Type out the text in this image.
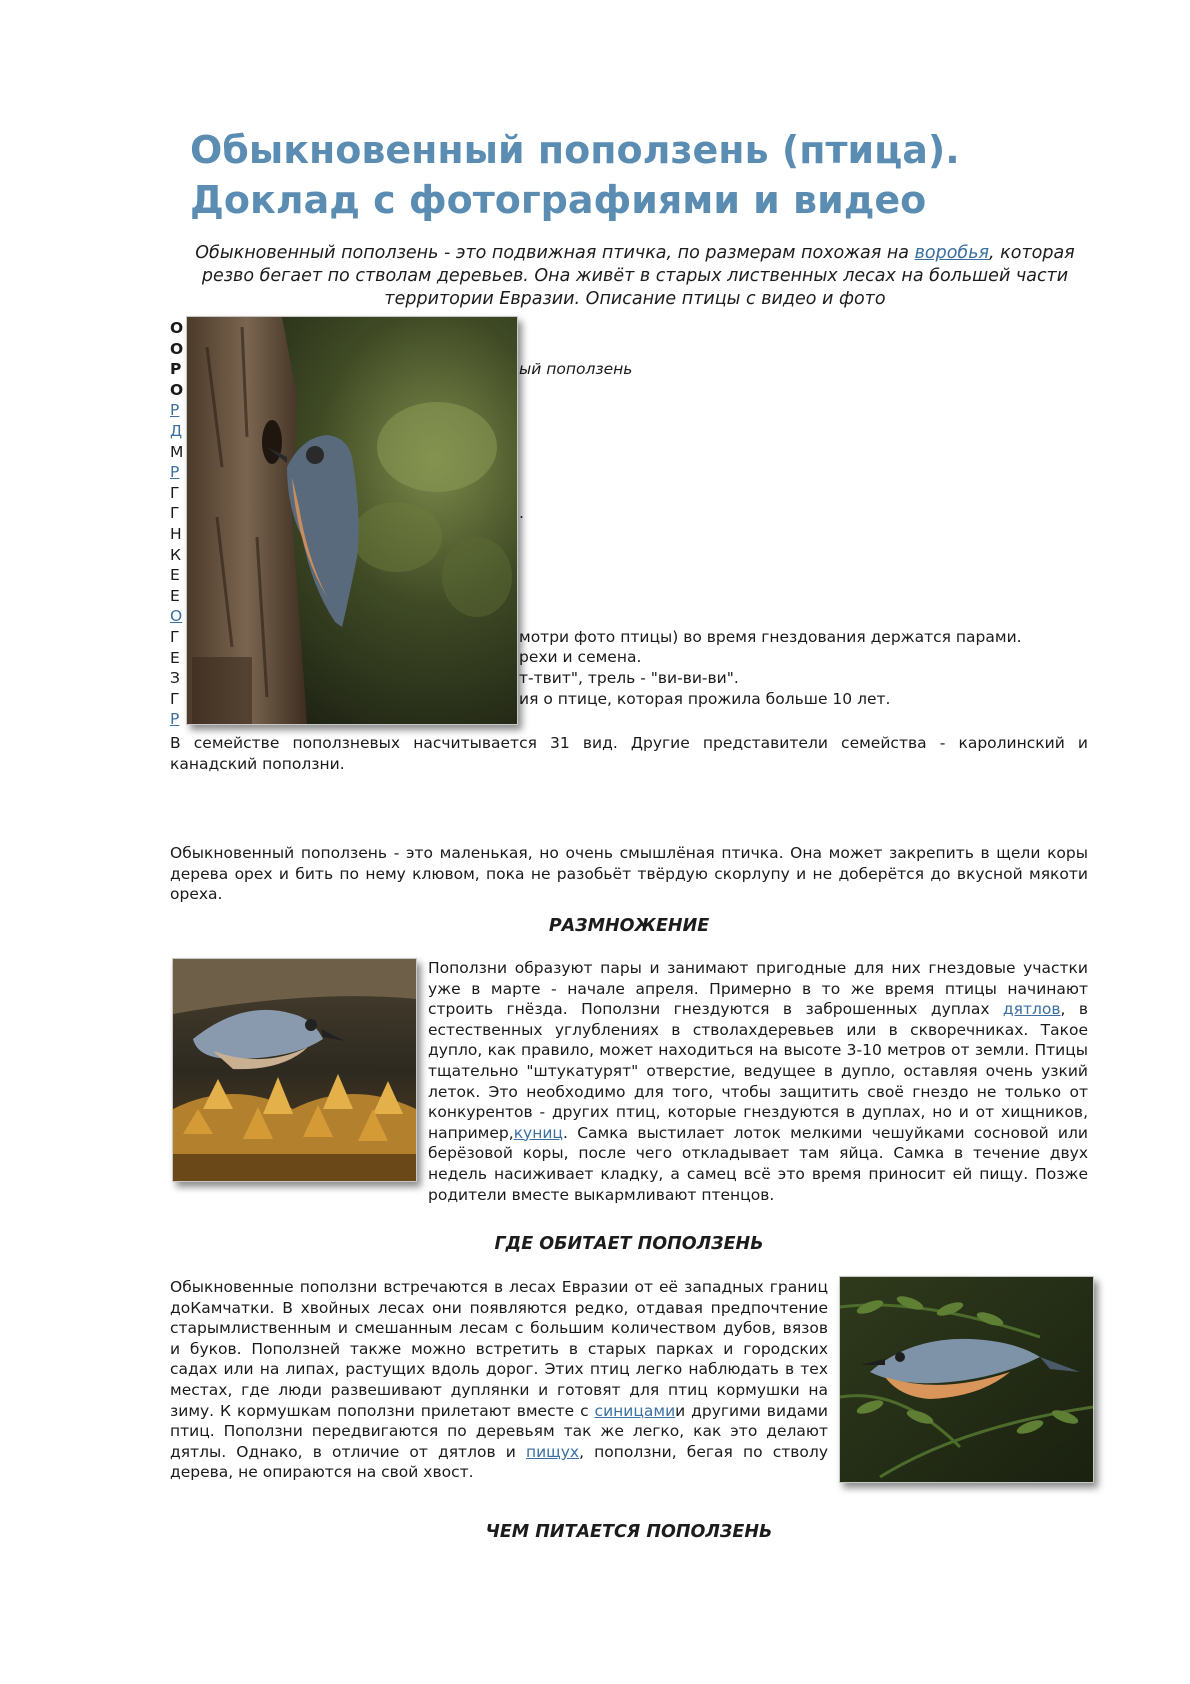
Обыкновенный поползень (птица).
Доклад с фотографиями и видео

Обыкновенный поползень - это подвижная птичка, по размерам похожая на воробья, которая резво бегает по стволам деревьев. Она живёт в старых лиственных лесах на большей части территории Евразии. Описание птицы с видео и фото

О
О
Р
О
Р
Д
М
Р
Г
Г
Н
К
Е
Е
О
Г
Е
З
Г
Р

ый поползень

.

мотри фото птицы) во время гнездования держатся парами.

рехи и семена.

т-твит", трель - "ви-ви-ви".

ия о птице, которая прожила больше 10 лет.

В семействе поползневых насчитывается 31 вид. Другие представители семейства - каролинский и канадский поползни.

Обыкновенный поползень - это маленькая, но очень смышлёная птичка. Она может закрепить в щели коры дерева орех и бить по нему клювом, пока не разобьёт твёрдую скорлупу и не доберётся до вкусной мякоти ореха.

РАЗМНОЖЕНИЕ

Поползни образуют пары и занимают пригодные для них гнездовые участки уже в марте - начале апреля. Примерно в то же время птицы начинают строить гнёзда. Поползни гнездуются в заброшенных дуплах дятлов, в естественных углублениях в стволахдеревьев или в скворечниках. Такое дупло, как правило, может находиться на высоте 3-10 метров от земли. Птицы тщательно "штукатурят" отверстие, ведущее в дупло, оставляя очень узкий леток. Это необходимо для того, чтобы защитить своё гнездо не только от конкурентов - других птиц, которые гнездуются в дуплах, но и от хищников, например,куниц. Самка выстилает лоток мелкими чешуйками сосновой или берёзовой коры, после чего откладывает там яйца. Самка в течение двух недель насиживает кладку, а самец всё это время приносит ей пищу. Позже родители вместе выкармливают птенцов.

ГДЕ ОБИТАЕТ ПОПОЛЗЕНЬ

Обыкновенные поползни встречаются в лесах Евразии от её западных границ доКамчатки. В хвойных лесах они появляются редко, отдавая предпочтение старымлиственным и смешанным лесам с большим количеством дубов, вязов и буков. Поползней также можно встретить в старых парках и городских садах или на липах, растущих вдоль дорог. Этих птиц легко наблюдать в тех местах, где люди развешивают дуплянки и готовят для птиц кормушки на зиму. К кормушкам поползни прилетают вместе с синицамии другими видами птиц. Поползни передвигаются по деревьям так же легко, как это делают дятлы. Однако, в отличие от дятлов и пищух, поползни, бегая по стволу дерева, не опираются на свой хвост.

ЧЕМ ПИТАЕТСЯ ПОПОЛЗЕНЬ
